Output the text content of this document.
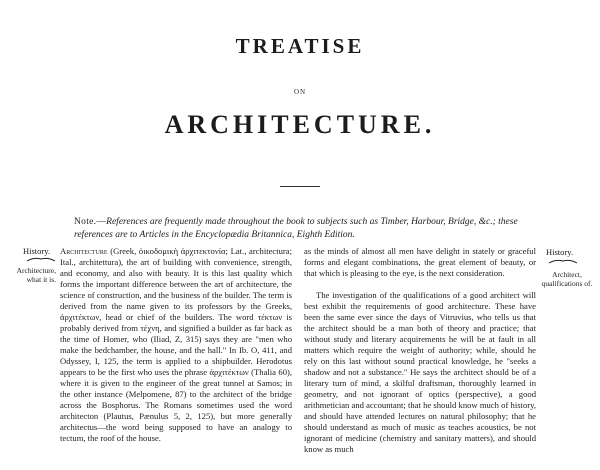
TREATISE
ON
ARCHITECTURE.

Note.—References are frequently made throughout the book to subjects such as Timber, Harbour, Bridge, &c.; these references are to Articles in the Encyclopædia Britannica, Eighth Edition.

History.
Architecture, what it is.
History.
Architect, qualifications of.

Architecture (Greek, ὀικοδομικὴ ἀρχιτεκτονία; Lat., architectura; Ital., architettura), the art of building with convenience, strength, and economy, and also with beauty. It is this last quality which forms the important difference between the art of architecture, the science of construction, and the business of the builder. The term is derived from the name given to its professors by the Greeks, ἀρχιτέκτων, head or chief of the builders. The word τέκτων is probably derived from τέχνη, and signified a builder as far back as the time of Homer, who (Iliad, Z, 315) says they are "men who make the bedchamber, the house, and the hall." In Ib. O, 411, and Odyssey, I, 125, the term is applied to a shipbuilder. Herodotus appears to be the first who uses the phrase ἀρχιτέκτων (Thalia 60), where it is given to the engineer of the great tunnel at Samos; in the other instance (Melpomene, 87) to the architect of the bridge across the Bosphorus. The Romans sometimes used the word architecton (Plautus, Pænulus 5, 2, 125), but more generally architectus—the word being supposed to have an analogy to tectum, the roof of the house.

as the minds of almost all men have delight in stately or graceful forms and elegant combinations, the great element of beauty, or that which is pleasing to the eye, is the next consideration.

The investigation of the qualifications of a good architect will best exhibit the requirements of good architecture. These have been the same ever since the days of Vitruvius, who tells us that the architect should be a man both of theory and practice; that without study and literary acquirements he will be at fault in all matters which require the weight of authority; while, should he rely on this last without sound practical knowledge, he "seeks a shadow and not a substance." He says the architect should be of a literary turn of mind, a skilful draftsman, thoroughly learned in geometry, and not ignorant of optics (perspective), a good arithmetician and accountant; that he should know much of history, and should have attended lectures on natural philosophy; that he should understand as much of music as teaches acoustics, be not ignorant of medicine (chemistry and sanitary matters), and should know as much
